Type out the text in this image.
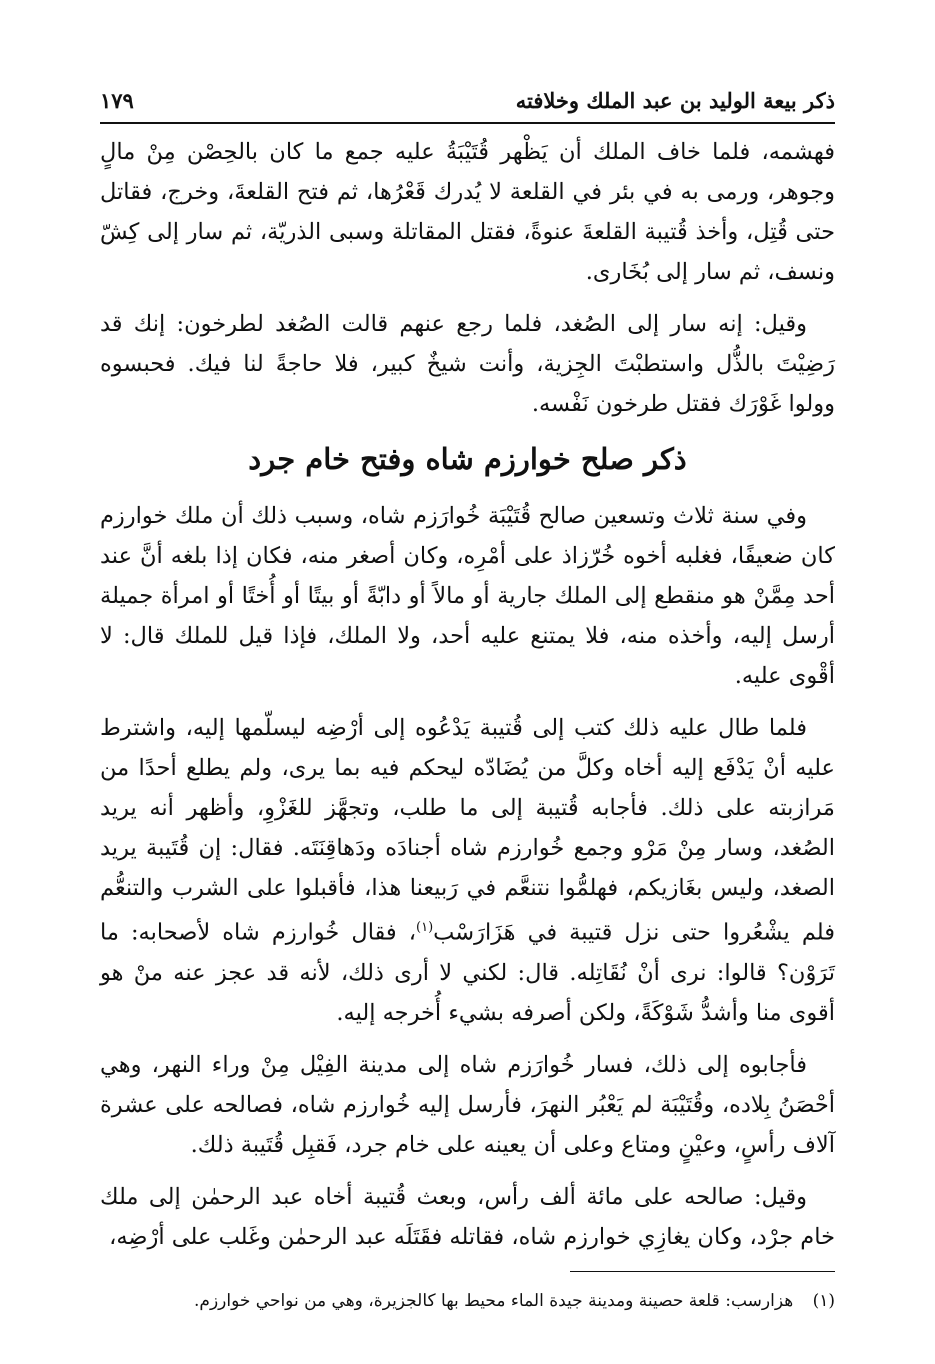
ذكر بيعة الوليد بن عبد الملك وخلافته
١٧٩

فهشمه، فلما خاف الملك أن يَظْهر قُتَيْبَةُ عليه جمع ما كان بالحِصْن مِنْ مالٍ وجوهر، ورمى به في بئر في القلعة لا يُدرك قَعْرُها، ثم فتح القلعةَ، وخرج، فقاتل حتى قُتِل، وأخذ قُتيبة القلعةَ عنوةً، فقتل المقاتلة وسبى الذريّة، ثم سار إلى كِشّ ونسف، ثم سار إلى بُخَارى.

وقيل: إنه سار إلى الصُغد، فلما رجع عنهم قالت الصُغد لطرخون: إنك قد رَضِيْتَ بالذُّل واستطبْتَ الجِزية، وأنت شيخٌ كبير، فلا حاجةً لنا فيك. فحبسوه وولوا غَوْرَك فقتل طرخون نَفْسه.

ذكر صلح خوارزم شاه وفتح خام جرد

وفي سنة ثلاث وتسعين صالح قُتَيْبَة خُوارَزم شاه، وسبب ذلك أن ملك خوارزم كان ضعيفًا، فغلبه أخوه خُرّزاذ على أمْرِه، وكان أصغر منه، فكان إذا بلغه أنَّ عند أحد مِمَّنْ هو منقطع إلى الملك جارية أو مالاً أو دابّةً أو بيتًا أو أُختًا أو امرأة جميلة أرسل إليه، وأخذه منه، فلا يمتنع عليه أحد، ولا الملك، فإذا قيل للملك قال: لا أقْوى عليه.

فلما طال عليه ذلك كتب إلى قُتيبة يَدْعُوه إلى أرْضِه ليسلّمها إليه، واشترط عليه أنْ يَدْفَع إليه أخاه وكلَّ من يُضَادّه ليحكم فيه بما يرى، ولم يطلع أحدًا من مَرازبته على ذلك. فأجابه قُتيبة إلى ما طلب، وتجهَّز للغَزْوِ، وأظهر أنه يريد الصُغد، وسار مِنْ مَرْو وجمع خُوارزم شاه أجنادَه ودَهاقِنَتَه. فقال: إن قُتَيبة يريد الصغد، وليس بغَازيكم، فهلمُّوا نتنعَّم في رَبيعنا هذا، فأقبلوا على الشرب والتنعُّم فلم يشْعُروا حتى نزل قتيبة في هَزَارَسْب$^{(١)}$، فقال خُوارزم شاه لأصحابه: ما تَرَوْن؟ قالوا: نرى أنْ نُقَاتِله. قال: لكني لا أرى ذلك، لأنه قد عجز عنه منْ هو أقوى منا وأشدُّ شَوْكَةً، ولكن أصرفه بشيء أُخرجه إليه.

فأجابوه إلى ذلك، فسار خُوارَزم شاه إلى مدينة الفِيْل مِنْ وراء النهر، وهي أحْصَنُ بِلاده، وقُتَيْبَة لم يَعْبُر النهرَ، فأرسل إليه خُوارزم شاه، فصالحه على عشرة آلاف رأسٍ، وعيْنٍ ومتاع وعلى أن يعينه على خام جرد، فَقبِل قُتَيبة ذلك.

وقيل: صالحه على مائة ألف رأس، وبعث قُتيبة أخاه عبد الرحمٰن إلى ملك خام جرْد، وكان يغازِي خوارزم شاه، فقاتله فقَتَلَه عبد الرحمٰن وغَلب على أرْضِه،

(١) هزارسب: قلعة حصينة ومدينة جيدة الماء محيط بها كالجزيرة، وهي من نواحي خوارزم.
